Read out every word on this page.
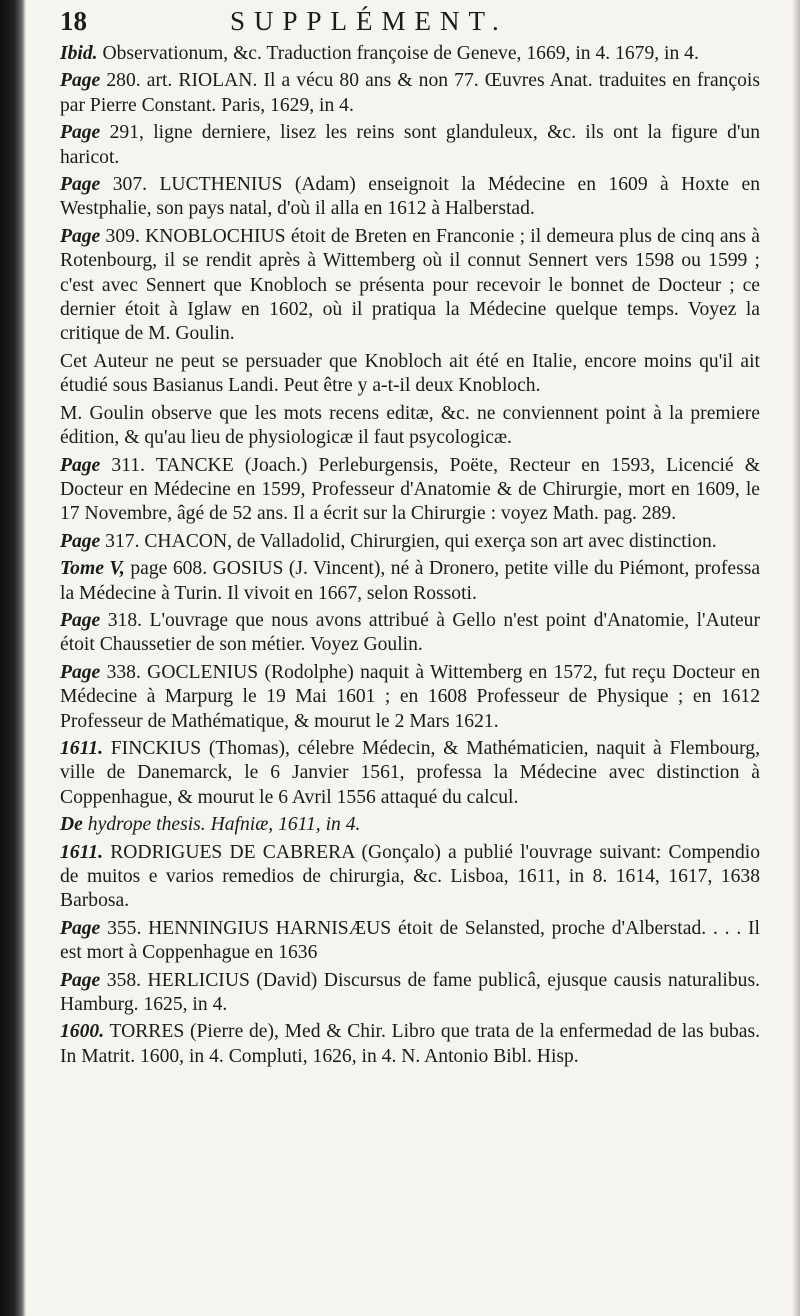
18	SUPPLÉMENT.

Ibid. Observationum, &c. Traduction françoise de Geneve, 1669, in 4. 1679, in 4.

Page 280. art. RIOLAN. Il a vécu 80 ans & non 77. Œuvres Anat. traduites en françois par Pierre Constant. Paris, 1629, in 4.

Page 291, ligne derniere, lisez les reins sont glanduleux, &c. ils ont la figure d'un haricot.

Page 307. LUCTHENIUS (Adam) enseignoit la Médecine en 1609 à Hoxte en Westphalie, son pays natal, d'où il alla en 1612 à Halberstad.

Page 309. KNOBLOCHIUS étoit de Breten en Franconie ; il demeura plus de cinq ans à Rotenbourg, il se rendit après à Wittemberg où il connut Sennert vers 1598 ou 1599 ; c'est avec Sennert que Knobloch se présenta pour recevoir le bonnet de Docteur ; ce dernier étoit à Iglaw en 1602, où il pratiqua la Médecine quelque temps. Voyez la critique de M. Goulin.

Cet Auteur ne peut se persuader que Knobloch ait été en Italie, encore moins qu'il ait étudié sous Basianus Landi. Peut être y a-t-il deux Knobloch.

M. Goulin observe que les mots recens editæ, &c. ne conviennent point à la premiere édition, & qu'au lieu de physiologicæ il faut psycologicæ.

Page 311. TANCKE (Joach.) Perleburgensis, Poëte, Recteur en 1593, Licencié & Docteur en Médecine en 1599, Professeur d'Anatomie & de Chirurgie, mort en 1609, le 17 Novembre, âgé de 52 ans. Il a écrit sur la Chirurgie : voyez Math. pag. 289.

Page 317. CHACON, de Valladolid, Chirurgien, qui exerça son art avec distinction.

Tome V, page 608. GOSIUS (J. Vincent), né à Dronero, petite ville du Piémont, professa la Médecine à Turin. Il vivoit en 1667, selon Rossoti.

Page 318. L'ouvrage que nous avons attribué à Gello n'est point d'Anatomie, l'Auteur étoit Chaussetier de son métier. Voyez Goulin.

Page 338. GOCLENIUS (Rodolphe) naquit à Wittemberg en 1572, fut reçu Docteur en Médecine à Marpurg le 19 Mai 1601 ; en 1608 Professeur de Physique ; en 1612 Professeur de Mathématique, & mourut le 2 Mars 1621.

1611. FINCKIUS (Thomas), célebre Médecin, & Mathématicien, naquit à Flembourg, ville de Danemarck, le 6 Janvier 1561, professa la Médecine avec distinction à Coppenhague, & mourut le 6 Avril 1556 attaqué du calcul.

De hydrope thesis. Hafniæ, 1611, in 4.

1611. RODRIGUES DE CABRERA (Gonçalo) a publié l'ouvrage suivant: Compendio de muitos e varios remedios de chirurgia, &c. Lisboa, 1611, in 8. 1614, 1617, 1638 Barbosa.

Page 355. HENNINGIUS HARNISÆUS étoit de Selansted, proche d'Alberstad. . . . Il est mort à Coppenhague en 1636

Page 358. HERLICIUS (David) Discursus de fame publicâ, ejusque causis naturalibus. Hamburg. 1625, in 4.

1600. TORRES (Pierre de), Med & Chir. Libro que trata de la enfermedad de las bubas. In Matrit. 1600, in 4. Compluti, 1626, in 4. N. Antonio Bibl. Hisp.
